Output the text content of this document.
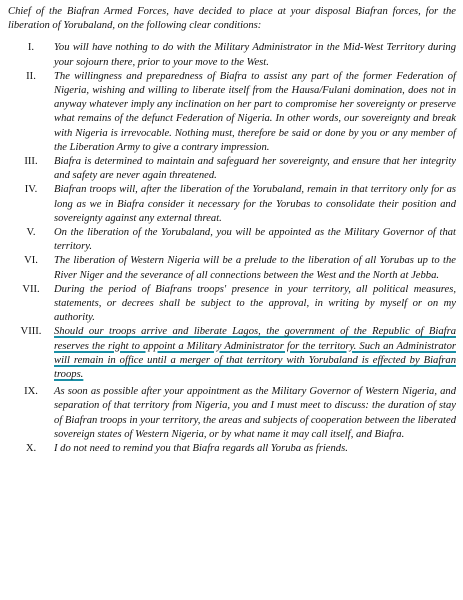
Chief of the Biafran Armed Forces, have decided to place at your disposal Biafran forces, for the liberation of Yorubaland, on the following clear conditions:

I.	You will have nothing to do with the Military Administrator in the Mid-West Territory during your sojourn there, prior to your move to the West.
II.	The willingness and preparedness of Biafra to assist any part of the former Federation of Nigeria, wishing and willing to liberate itself from the Hausa/Fulani domination, does not in anyway whatever imply any inclination on her part to compromise her sovereignty or preserve what remains of the defunct Federation of Nigeria. In other words, our sovereignty and break with Nigeria is irrevocable. Nothing must, therefore be said or done by you or any member of the Liberation Army to give a contrary impression.
III.	Biafra is determined to maintain and safeguard her sovereignty, and ensure that her integrity and safety are never again threatened.
IV.	Biafran troops will, after the liberation of the Yorubaland, remain in that territory only for as long as we in Biafra consider it necessary for the Yorubas to consolidate their position and sovereignty against any external threat.
V.	On the liberation of the Yorubaland, you will be appointed as the Military Governor of that territory.
VI.	The liberation of Western Nigeria will be a prelude to the liberation of all Yorubas up to the River Niger and the severance of all connections between the West and the North at Jebba.
VII.	During the period of Biafrans troops' presence in your territory, all political measures, statements, or decrees shall be subject to the approval, in writing by myself or on my authority.
VIII.	Should our troops arrive and liberate Lagos, the government of the Republic of Biafra reserves the right to appoint a Military Administrator for the territory. Such an Administrator will remain in office until a merger of that territory with Yorubaland is effected by Biafran troops.
IX.	As soon as possible after your appointment as the Military Governor of Western Nigeria, and separation of that territory from Nigeria, you and I must meet to discuss: the duration of stay of Biafran troops in your territory, the areas and subjects of cooperation between the liberated sovereign states of Western Nigeria, or by what name it may call itself, and Biafra.
X.	I do not need to remind you that Biafra regards all Yoruba as friends.
